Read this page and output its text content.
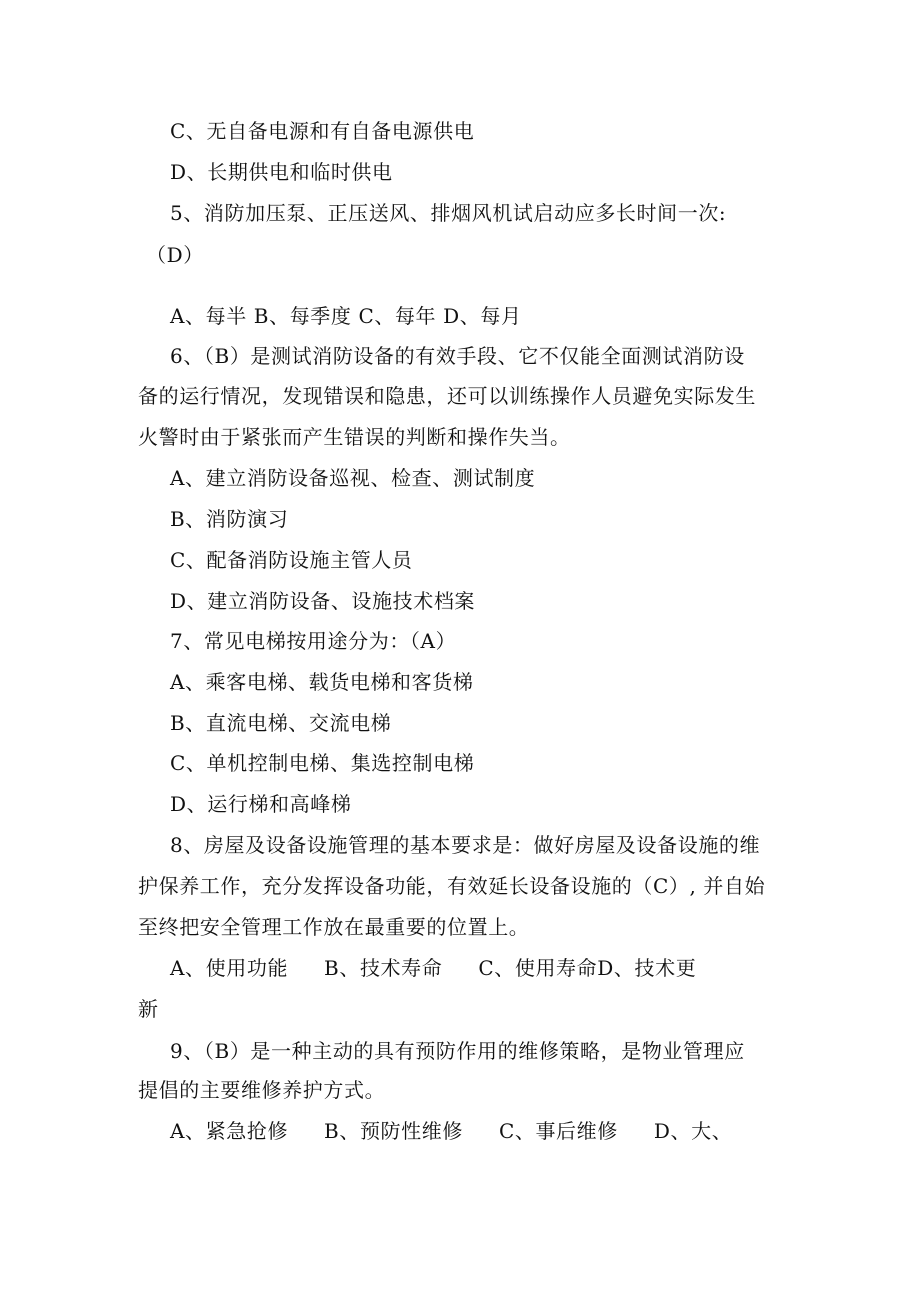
C、无自备电源和有自备电源供电
D、长期供电和临时供电
5、消防加压泵、正压送风、排烟风机试启动应多长时间一次:
（D）
A、每半 B、每季度 C、每年 D、每月
6、（B）是测试消防设备的有效手段、它不仅能全面测试消防设
备的运行情况，发现错误和隐患，还可以训练操作人员避免实际发生
火警时由于紧张而产生错误的判断和操作失当。
A、建立消防设备巡视、检查、测试制度
B、消防演习
C、配备消防设施主管人员
D、建立消防设备、设施技术档案
7、常见电梯按用途分为：（A）
A、乘客电梯、载货电梯和客货梯
B、直流电梯、交流电梯
C、单机控制电梯、集选控制电梯
D、运行梯和高峰梯
8、房屋及设备设施管理的基本要求是：做好房屋及设备设施的维
护保养工作，充分发挥设备功能，有效延长设备设施的（C）, 并自始
至终把安全管理工作放在最重要的位置上。
A、使用功能 B、技术寿命 C、使用寿命D、技术更
新
9、（B）是一种主动的具有预防作用的维修策略，是物业管理应
提倡的主要维修养护方式。
A、紧急抢修 B、预防性维修 C、事后维修 D、大、
